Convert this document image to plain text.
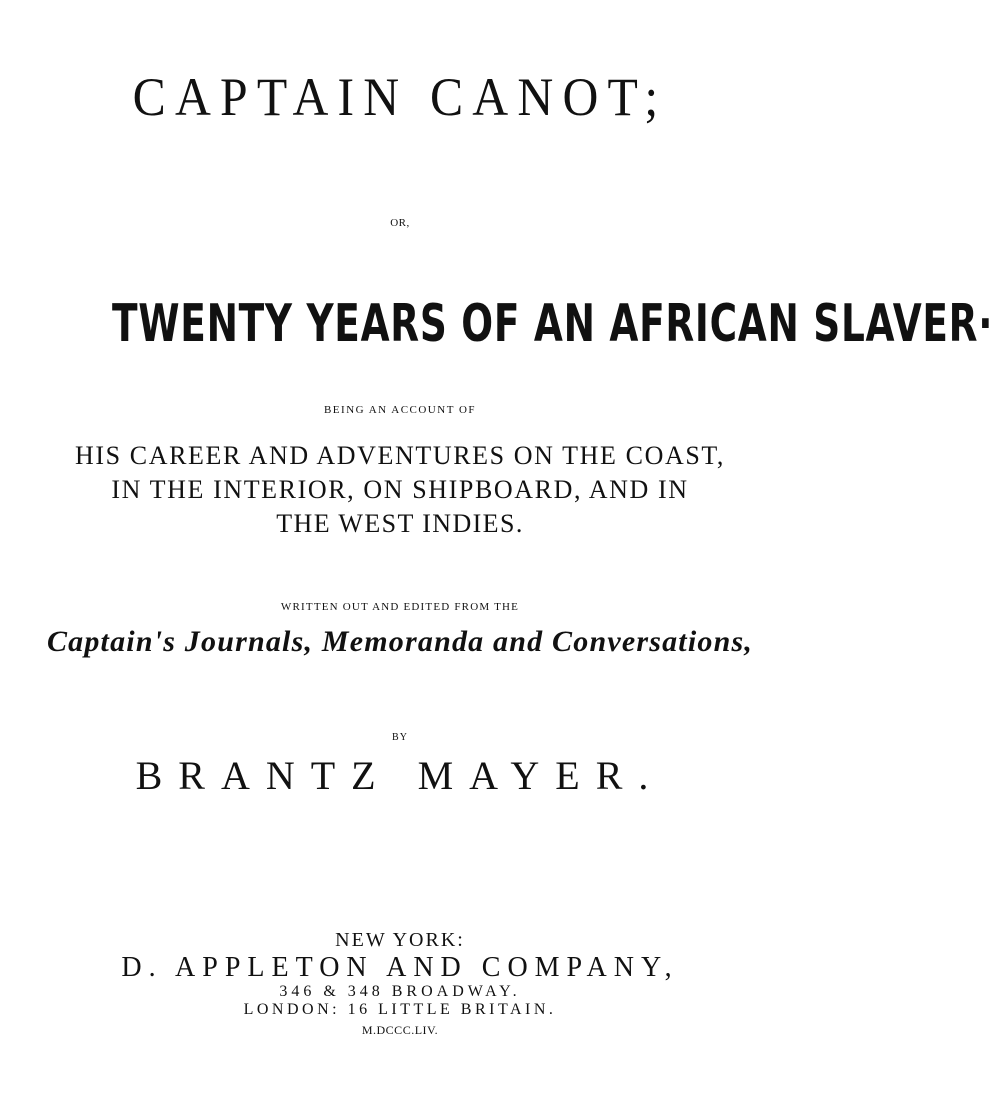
CAPTAIN CANOT;
OR,
TWENTY YEARS OF AN AFRICAN SLAVER·
BEING AN ACCOUNT OF
HIS CAREER AND ADVENTURES ON THE COAST,
IN THE INTERIOR, ON SHIPBOARD, AND IN
THE WEST INDIES.
WRITTEN OUT AND EDITED FROM THE
Captain's Journals, Memoranda and Conversations,
BY
BRANTZ MAYER.
NEW YORK:
D. APPLETON AND COMPANY,
346 & 348 BROADWAY.
LONDON: 16 LITTLE BRITAIN.
M.DCCC.LIV.
